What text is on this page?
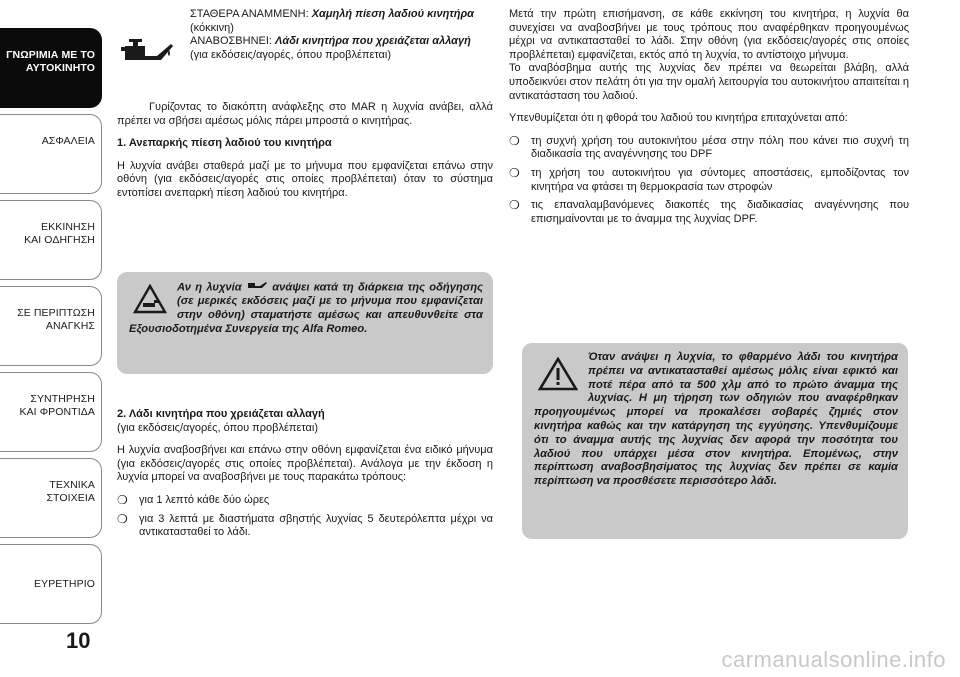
ΓΝΩΡΙΜΙΑ ΜΕ ΤΟ
ΑΥΤΟΚΙΝΗΤΟ
ΑΣΦΑΛΕΙΑ
ΕΚΚΙΝΗΣΗ
ΚΑΙ ΟΔΗΓΗΣΗ
ΣΕ ΠΕΡΙΠΤΩΣΗ
ΑΝΑΓΚΗΣ
ΣΥΝΤΗΡΗΣΗ
ΚΑΙ ΦΡΟΝΤΙΔΑ
ΤΕΧΝΙΚΑ
ΣΤΟΙΧΕΙΑ
ΕΥΡΕΤΗΡΙΟ
10
ΣΤΑΘΕΡΑ ΑΝΑΜΜΕΝΗ: Χαμηλή πίεση λαδιού κινητήρα (κόκκινη)
ΑΝΑΒΟΣΒΗΝΕΙ: Λάδι κινητήρα που χρειάζεται αλλαγή (για εκδόσεις/αγορές, όπου προβλέπεται)

Γυρίζοντας το διακόπτη ανάφλεξης στο MAR η λυχνία ανάβει, αλλά πρέπει να σβήσει αμέσως μόλις πάρει μπροστά ο κινητήρας.

1. Ανεπαρκής πίεση λαδιού του κινητήρα

Η λυχνία ανάβει σταθερά μαζί με το μήνυμα που εμφανίζεται επάνω στην οθόνη (για εκδόσεις/αγορές στις οποίες προβλέπεται) όταν το σύστημα εντοπίσει ανεπαρκή πίεση λαδιού του κινητήρα.

Αν η λυχνία	ανάψει κατά τη διάρκεια της οδήγησης (σε μερικές εκδόσεις μαζί με το μήνυμα που εμφανίζεται στην οθόνη) σταματήστε αμέσως και απευθυνθείτε στα Εξουσιοδοτημένα Συνεργεία της Alfa Romeo.

2. Λάδι κινητήρα που χρειάζεται αλλαγή

(για εκδόσεις/αγορές, όπου προβλέπεται)

Η λυχνία αναβοσβήνει και επάνω στην οθόνη εμφανίζεται ένα ειδικό μήνυμα (για εκδόσεις/αγορές στις οποίες προβλέπεται). Ανάλογα με την έκδοση η λυχνία μπορεί να αναβοσβήνει με τους παρακάτω τρόπους:

❍ για 1 λεπτό κάθε δύο ώρες
❍ για 3 λεπτά με διαστήματα σβηστής λυχνίας 5 δευτερόλεπτα μέχρι να αντικατασταθεί το λάδι.

Μετά την πρώτη επισήμανση, σε κάθε εκκίνηση του κινητήρα, η λυχνία θα συνεχίσει να αναβοσβήνει με τους τρόπους που αναφέρθηκαν προηγουμένως μέχρι να αντικατασταθεί το λάδι. Στην οθόνη (για εκδόσεις/αγορές στις οποίες προβλέπεται) εμφανίζεται, εκτός από τη λυχνία, το αντίστοιχο μήνυμα.

Το αναβόσβημα αυτής της λυχνίας δεν πρέπει να θεωρείται βλάβη, αλλά υποδεικνύει στον πελάτη ότι για την ομαλή λειτουργία του αυτοκινήτου απαιτείται η αντικατάσταση του λαδιού.

Υπενθυμίζεται ότι η φθορά του λαδιού του κινητήρα επιταχύνεται από:

❍ τη συχνή χρήση του αυτοκινήτου μέσα στην πόλη που κάνει πιο συχνή τη διαδικασία της αναγέννησης του DPF
❍ τη χρήση του αυτοκινήτου για σύντομες αποστάσεις, εμποδίζοντας τον κινητήρα να φτάσει τη θερμοκρασία των στροφών
❍ τις επαναλαμβανόμενες διακοπές της διαδικασίας αναγέννησης που επισημαίνονται με το άναμμα της λυχνίας DPF.
Όταν ανάψει η λυχνία, το φθαρμένο λάδι του κινητήρα πρέπει να αντικατασταθεί αμέσως μόλις είναι εφικτό και ποτέ πέρα από τα 500 χλμ από το πρώτο άναμμα της λυχνίας. Η μη τήρηση των οδηγιών που αναφέρθηκαν προηγουμένως μπορεί να προκαλέσει σοβαρές ζημιές στον κινητήρα καθώς και την κατάργηση της εγγύησης. Υπενθυμίζουμε ότι το άναμμα αυτής της λυχνίας δεν αφορά την ποσότητα του λαδιού που υπάρχει μέσα στον κινητήρα. Επομένως, στην περίπτωση αναβοσβησίματος της λυχνίας δεν πρέπει σε καμία περίπτωση να προσθέσετε περισσότερο λάδι.
carmanualsonline.info
